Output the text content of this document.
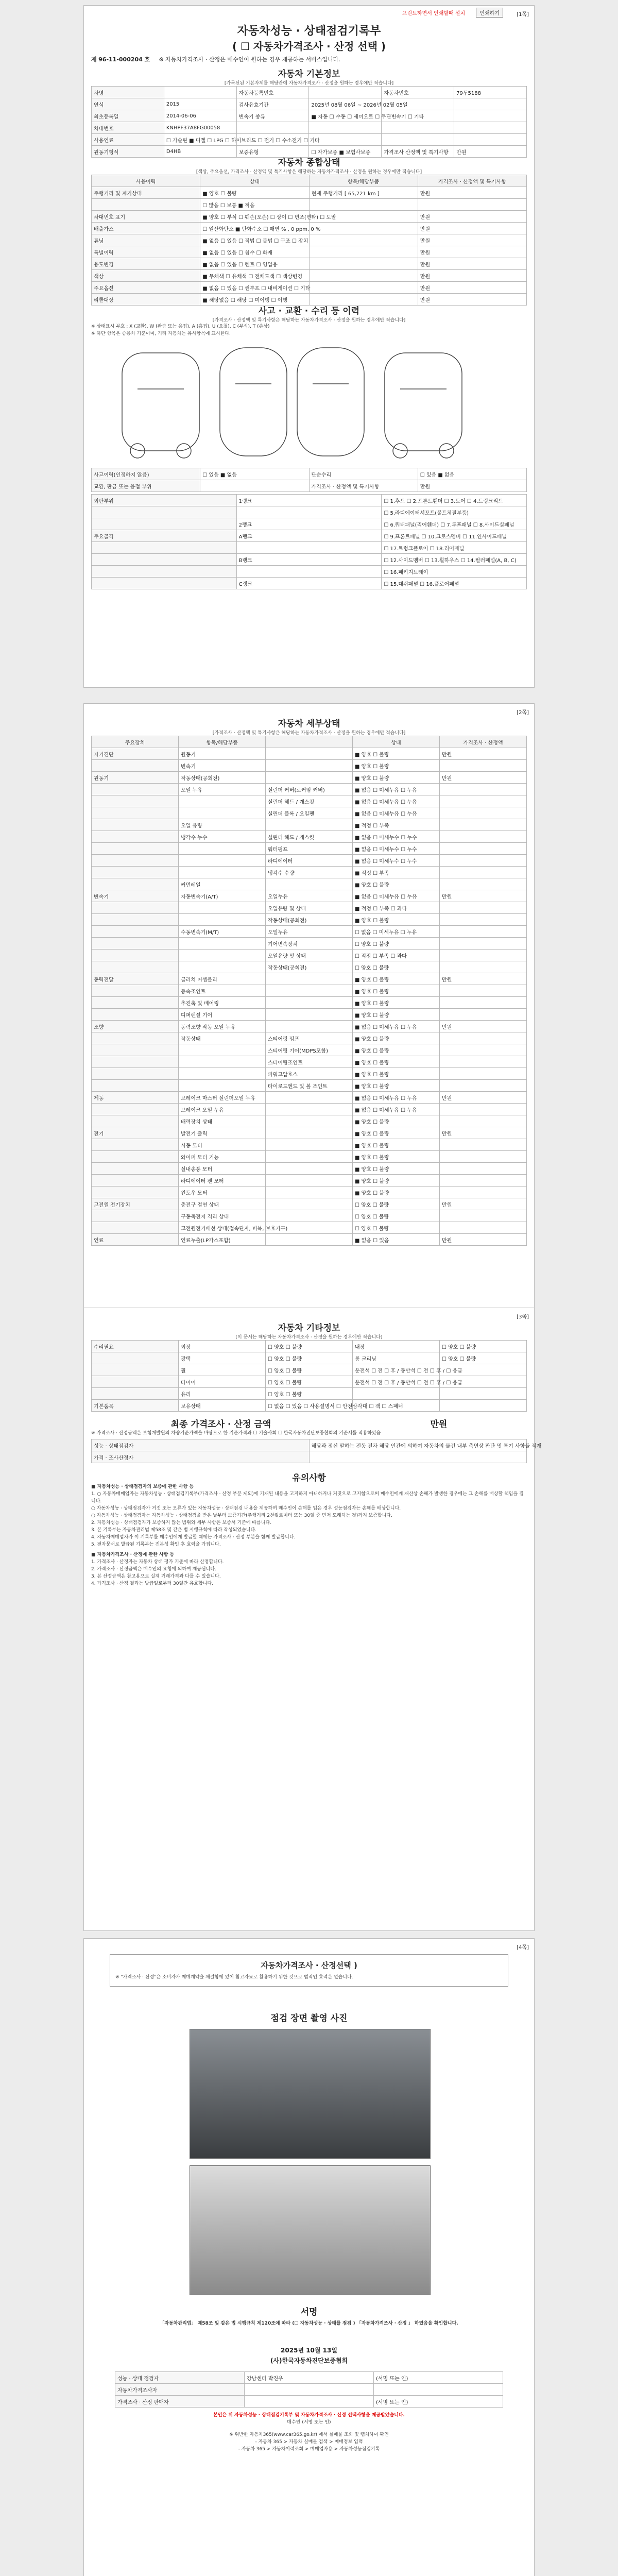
프린트하면서 인쇄할때 설치	인쇄하기	[1쪽]

자동차성능 · 상태점검기록부

( ☐ 자동차가격조사 · 산정 선택 )

제 96-11-000204 호 ※ 자동차가격조사 · 산정은 매수인이 원하는 경우 제공하는 서비스입니다.

자동차 기본정보

[가목선된 기본자체를 해당란에 자동차가격조사 · 산정을 원하는 경우에만 적습니다]
차명		자동차등록번호		자동차번호	79두5188
연식	2015	검사유효기간	2025년 08월 06일 ~ 2026년 02월 05일		
최초등록일	2014-06-06	변속기 종류	■ 자동 ☐ 수동 ☐ 세미오토 ☐ 무단변속기 ☐ 기타		
차대번호	KNHPF37A8FG00058				
사용연료	☐ 가솔린 ■ 디젤 ☐ LPG ☐ 하이브리드 ☐ 전기 ☐ 수소전기 ☐ 기타				
원동기형식	D4HB	보증유형	☐ 자가보증 ■ 보험사보증	가격조사 산정액 및 특기사항	만원

자동차 종합상태

[색상, 주요옵션, 가격조사 · 산정액 및 특기사항은 해당하는 자동차가격조사 · 산정을 원하는 경우에만 적습니다]
사용이력	상태	항목/해당부품	가격조사 · 산정액 및 특기사항
주행거리 및 계기상태	■ 양호 ☐ 불량	현재 주행거리 [ 65,721 km ]	만원
	☐ 많음 ☐ 보통 ■ 적음		
차대번호 표기	■ 양호 ☐ 부식 ☐ 훼손(오손) ☐ 상이 ☐ 변조(변타) ☐ 도말		만원
배출가스	☐ 일산화탄소 ■ 탄화수소 ☐ 매연 % , 0 ppm, 0 %		만원
튜닝	■ 없음 ☐ 있음 ☐ 적법 ☐ 불법 ☐ 구조 ☐ 장치		만원
특별이력	■ 없음 ☐ 있음 ☐ 침수 ☐ 화재		만원
용도변경	■ 없음 ☐ 있음 ☐ 렌트 ☐ 영업용		만원
색상	■ 무채색 ☐ 유채색 ☐ 전체도색 ☐ 색상변경		만원
주요옵션	■ 없음 ☐ 있음 ☐ 썬루프 ☐ 내비게이션 ☐ 기타		만원
리콜대상	■ 해당없음 ☐ 해당 ☐ 미이행 ☐ 이행		만원

사고 · 교환 · 수리 등 이력

[가격조사 · 산정액 및 특기사항은 해당하는 자동차가격조사 · 산정을 원하는 경우에만 적습니다]
※ 상태표시 부호 : X (교환), W (판금 또는 용접), A (흠집), U (요철), C (부식), T (손상)
※ 하단 항목은 승용차 기준이며, 기타 자동차는 유사항목에 표시한다.
사고이력(인정하지 않음)	☐ 있음 ■ 없음	단순수리	☐ 있음 ■ 없음
교환, 판금 또는 용접 부위		가격조사 · 산정액 및 특기사항	만원
외판부위	1랭크	☐ 1.후드 ☐ 2.프론트휀더 ☐ 3.도어 ☐ 4.트렁크리드
		☐ 5.라디에이터서포트(볼트체결부품)
	2랭크	☐ 6.쿼터패널(리어휀더) ☐ 7.루프패널 ☐ 8.사이드실패널
주요골격	A랭크	☐ 9.프론트패널 ☐ 10.크로스멤버 ☐ 11.인사이드패널
		☐ 17.트렁크플로어 ☐ 18.리어패널
	B랭크	☐ 12.사이드멤버 ☐ 13.휠하우스 ☐ 14.필러패널(A, B, C)
		☐ 16.패키지트레이
	C랭크	☐ 15.대쉬패널 ☐ 16.플로어패널
[2쪽]

자동차 세부상태

[가격조사 · 산정액 및 특기사항은 해당하는 자동차가격조사 · 산정을 원하는 경우에만 적습니다]
주요장치	항목/해당부품		상태	가격조사 · 산정액
자기진단	원동기		■ 양호 ☐ 불량	만원
	변속기		■ 양호 ☐ 불량	
원동기	작동상태(공회전)		■ 양호 ☐ 불량	만원
	오일 누유	실린더 커버(로커암 커버)	■ 없음 ☐ 미세누유 ☐ 누유	
		실린더 헤드 / 개스킷	■ 없음 ☐ 미세누유 ☐ 누유	
		실린더 블록 / 오일팬	■ 없음 ☐ 미세누유 ☐ 누유	
	오일 유량		■ 적정 ☐ 부족	
	냉각수 누수	실린더 헤드 / 개스킷	■ 없음 ☐ 미세누수 ☐ 누수	
		워터펌프	■ 없음 ☐ 미세누수 ☐ 누수	
		라디에이터	■ 없음 ☐ 미세누수 ☐ 누수	
		냉각수 수량	■ 적정 ☐ 부족	
	커먼레일		■ 양호 ☐ 불량	
변속기	자동변속기(A/T)	오일누유	■ 없음 ☐ 미세누유 ☐ 누유	만원
		오일유량 및 상태	■ 적정 ☐ 부족 ☐ 과다	
		작동상태(공회전)	■ 양호 ☐ 불량	
	수동변속기(M/T)	오일누유	☐ 없음 ☐ 미세누유 ☐ 누유	
		기어변속장치	☐ 양호 ☐ 불량	
		오일유량 및 상태	☐ 적정 ☐ 부족 ☐ 과다	
		작동상태(공회전)	☐ 양호 ☐ 불량	
동력전달	클러치 어셈블리		■ 양호 ☐ 불량	만원
	등속조인트		■ 양호 ☐ 불량	
	추진축 및 베어링		■ 양호 ☐ 불량	
	디퍼렌셜 기어		■ 양호 ☐ 불량	
조향	동력조향 작동 오일 누유		■ 없음 ☐ 미세누유 ☐ 누유	만원
	작동상태	스티어링 펌프	■ 양호 ☐ 불량	
		스티어링 기어(MDPS포함)	■ 양호 ☐ 불량	
		스티어링조인트	■ 양호 ☐ 불량	
		파워고압호스	■ 양호 ☐ 불량	
		타이로드엔드 및 볼 조인트	■ 양호 ☐ 불량	
제동	브레이크 마스터 실린더오일 누유		■ 없음 ☐ 미세누유 ☐ 누유	만원
	브레이크 오일 누유		■ 없음 ☐ 미세누유 ☐ 누유	
	배력장치 상태		■ 양호 ☐ 불량	
전기	발전기 출력		■ 양호 ☐ 불량	만원
	시동 모터		■ 양호 ☐ 불량	
	와이퍼 모터 기능		■ 양호 ☐ 불량	
	실내송풍 모터		■ 양호 ☐ 불량	
	라디에이터 팬 모터		■ 양호 ☐ 불량	
	윈도우 모터		■ 양호 ☐ 불량	
고전원 전기장치	충전구 절연 상태		☐ 양호 ☐ 불량	만원
	구동축전지 격리 상태		☐ 양호 ☐ 불량	
	고전원전기배선 상태(접속단자, 피복, 보호기구)		☐ 양호 ☐ 불량	
연료	연료누출(LP가스포함)		■ 없음 ☐ 있음	만원
[3쪽]

자동차 기타정보

[이 문서는 해당하는 자동차가격조사 · 산정을 원하는 경우에만 적습니다]
수리필요	외장	☐ 양호 ☐ 불량	내장	☐ 양호 ☐ 불량
	광택	☐ 양호 ☐ 불량	룸 크리닝	☐ 양호 ☐ 불량
	휠	☐ 양호 ☐ 불량	운전석 ☐ 전 ☐ 후 / 동반석 ☐ 전 ☐ 후 / ☐ 응급	
	타이어	☐ 양호 ☐ 불량	운전석 ☐ 전 ☐ 후 / 동반석 ☐ 전 ☐ 후 / ☐ 응급	
	유리	☐ 양호 ☐ 불량		
기본품목	보유상태	☐ 없음 ☐ 있음 ☐ 사용설명서 ☐ 안전삼각대 ☐ 잭 ☐ 스패너		
최종 가격조사 · 산정 금액	만원
※ 가격조사 · 산정금액은 보험개발원의 차량기준가액을 바탕으로 한 기준가격과 ☐ 기술사회 ☐ 한국자동차진단보증협회의 기준서를 적용하였음
성능 · 상태점검자	해당과 정신 말하는 전동 전차 해당 인간에 의하여 자동차의 물건 내부 측면상 판단 및 특기 사항들 적재
가격 · 조사산정자	

유의사항

■ 자동차성능 · 상태점검자의 보증에 관한 사항 등
1. ○ 자동차매매업자는 자동차성능 · 상태점검기록부(가격조사 · 산정 부분 제외)에 기재된 내용을 고지하지 아니하거나 거짓으로 고지함으로써 매수인에게 재산상 손해가 발생한 경우에는 그 손해를 배상할 책임을 집니다.
○ 자동차성능 · 상태점검자가 거짓 또는 오류가 있는 자동차성능 · 상태점검 내용을 제공하여 매수인이 손해를 입은 경우 성능점검자는 손해를 배상합니다.
○ 자동차성능 · 상태점검자는 자동차성능 · 상태점검을 받은 날부터 보증기간(주행거리 2천킬로미터 또는 30일 중 먼저 도래하는 것)까지 보증합니다.
2. 자동차성능 · 상태점검자가 보증하지 않는 범위와 세부 사항은 보증서 기준에 따릅니다.
3. 본 기록부는 자동차관리법 제58조 및 같은 법 시행규칙에 따라 작성되었습니다.
4. 자동차매매업자가 이 기록부를 매수인에게 발급할 때에는 가격조사 · 산정 부분을 함께 발급합니다.
5. 전자문서로 발급된 기록부는 진본성 확인 후 효력을 가집니다.
■ 자동차가격조사 · 산정에 관한 사항 등
1. 가격조사 · 산정자는 자동차 상태 평가 기준에 따라 산정합니다.
2. 가격조사 · 산정금액은 매수인의 요청에 의하여 제공됩니다.
3. 본 산정금액은 참고용으로 실제 거래가격과 다를 수 있습니다.
4. 가격조사 · 산정 결과는 발급일로부터 30일간 유효합니다.
[4쪽]
자동차가격조사 · 산정선택 )
※ "가격조사 · 산정"은 소비자가 매매계약을 체결함에 있어 참고자료로 활용하기 위한 것으로 법적인 효력은 없습니다.

점검 장면 촬영 사진

서명

「자동차관리법」 제58조 및 같은 법 시행규칙 제120조에 따라 (☐ 자동차성능 · 상태를 점검 ) 「자동차가격조사 · 산정 」 하였음을 확인합니다.
2025년 10월 13일
(사)한국자동차진단보증협회
성능 · 상태 점검자	강남센터 박진우	(서명 또는 인)
자동차가격조사자		
가격조사 · 산정 판매자		(서명 또는 인)
본인은 위 자동차성능 · 상태점검기록부 및 자동차가격조사 · 산정 선택사항을 제공받았습니다.
매수인 (서명 또는 인)
※ 위반한 자동차365(www.car365.go.kr) 에서 실매물 조회 및 캡처하여 확인
- 자동차 365 > 자동차 실매물 검색 > 매매정보 입력
- 자동차 365 > 자동차이력조회 > 매매업자용 > 자동차성능점검기록
